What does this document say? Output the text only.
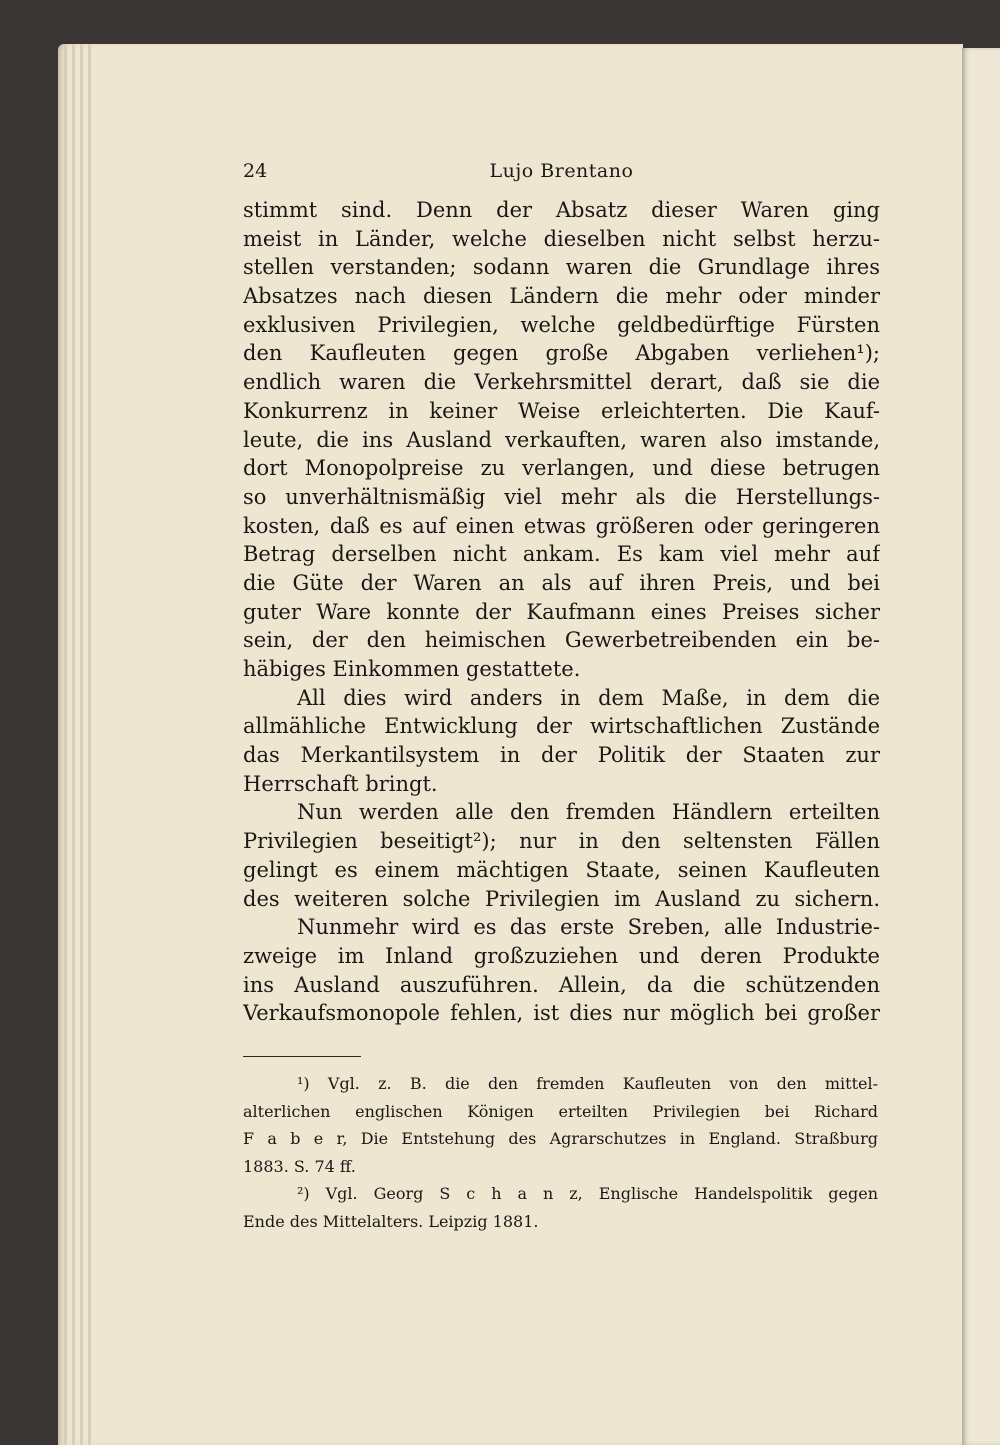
24	Lujo Brentano
stimmt sind. Denn der Absatz dieser Waren ging
meist in Länder, welche dieselben nicht selbst herzu-
stellen verstanden; sodann waren die Grundlage ihres
Absatzes nach diesen Ländern die mehr oder minder
exklusiven Privilegien, welche geldbedürftige Fürsten
den Kaufleuten gegen große Abgaben verliehen¹);
endlich waren die Verkehrsmittel derart, daß sie die
Konkurrenz in keiner Weise erleichterten. Die Kauf-
leute, die ins Ausland verkauften, waren also imstande,
dort Monopolpreise zu verlangen, und diese betrugen
so unverhältnismäßig viel mehr als die Herstellungs-
kosten, daß es auf einen etwas größeren oder geringeren
Betrag derselben nicht ankam. Es kam viel mehr auf
die Güte der Waren an als auf ihren Preis, und bei
guter Ware konnte der Kaufmann eines Preises sicher
sein, der den heimischen Gewerbetreibenden ein be-
häbiges Einkommen gestattete.
All dies wird anders in dem Maße, in dem die
allmähliche Entwicklung der wirtschaftlichen Zustände
das Merkantilsystem in der Politik der Staaten zur
Herrschaft bringt.
Nun werden alle den fremden Händlern erteilten
Privilegien beseitigt²); nur in den seltensten Fällen
gelingt es einem mächtigen Staate, seinen Kaufleuten
des weiteren solche Privilegien im Ausland zu sichern.
Nunmehr wird es das erste Sreben, alle Industrie-
zweige im Inland großzuziehen und deren Produkte
ins Ausland auszuführen. Allein, da die schützenden
Verkaufsmonopole fehlen, ist dies nur möglich bei großer
¹) Vgl. z. B. die den fremden Kaufleuten von den mittel-
alterlichen englischen Königen erteilten Privilegien bei Richard
F a b e r, Die Entstehung des Agrarschutzes in England. Straßburg
1883. S. 74 ff.
²) Vgl. Georg S c h a n z, Englische Handelspolitik gegen
Ende des Mittelalters. Leipzig 1881.
